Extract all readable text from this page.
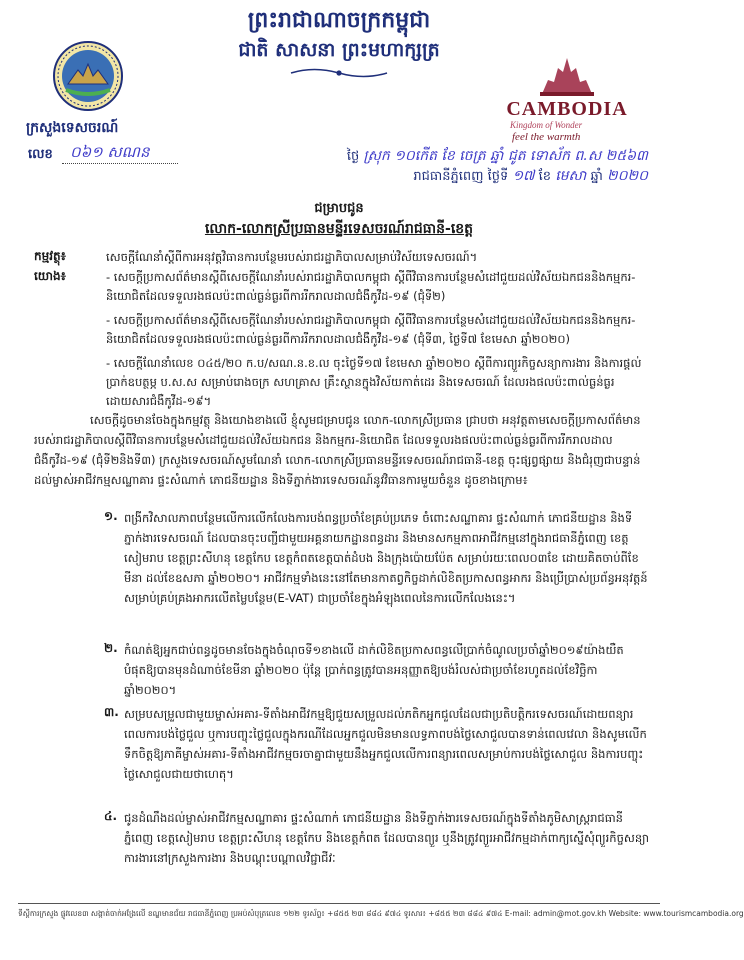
ព្រះរាជាណាចក្រកម្ពុជា
ជាតិ សាសនា ព្រះមហាក្សត្រ
CAMBODIA
Kingdom of Wonder
feel the warmth
ក្រសួងទេសចរណ៍
លេខ ០៦១ សណន	ថ្ងៃ ស្រុក ១០កើត ខែ ចេត្រ ឆ្នាំ ជូត ទោស័ក ព.ស ២៥៦៣
រាជធានីភ្នំពេញ ថ្ងៃទី ១៧ ខែ មេសា ឆ្នាំ ២០២០
ជម្រាបជូន
លោក-លោកស្រីប្រធានមន្ទីរទេសចរណ៍រាជធានី-ខេត្ត
កម្មវត្ថុ៖	សេចក្តីណែនាំស្តីពីការអនុវត្តវិធានការបន្ថែមរបស់រាជរដ្ឋាភិបាលសម្រាប់វិស័យទេសចរណ៍។
យោង៖	- សេចក្តីប្រកាសព័ត៌មានស្តីពីសេចក្តីណែនាំរបស់រាជរដ្ឋាភិបាលកម្ពុជា ស្តីពីវិធានការបន្ថែមសំដៅជួយដល់វិស័យឯកជននិងកម្មករ-និយោជិតដែលទទួលរងផលប៉ះពាល់ធ្ងន់ធ្ងរពីការរីករាលដាលជំងឺកូវីដ-១៩ (ជុំទី២)
- សេចក្តីប្រកាសព័ត៌មានស្តីពីសេចក្តីណែនាំរបស់រាជរដ្ឋាភិបាលកម្ពុជា ស្តីពីវិធានការបន្ថែមសំដៅជួយដល់វិស័យឯកជននិងកម្មករ-និយោជិតដែលទទួលរងផលប៉ះពាល់ធ្ងន់ធ្ងរពីការរីករាលដាលជំងឺកូវីដ-១៩ (ជុំទី៣, ថ្ងៃទី៧ ខែមេសា ឆ្នាំ២០២០)
- សេចក្តីណែនាំលេខ ០៤៥/២០ ក.ប/សណ.ន.ខ.ល ចុះថ្ងៃទី១៧ ខែមេសា ឆ្នាំ២០២០ ស្តីពីការព្យួរកិច្ចសន្យាការងារ និងការផ្តល់ប្រាក់ឧបត្ថម្ភ ប.ស.ស សម្រាប់រោងចក្រ សហគ្រាស គ្រឹះស្ថានក្នុងវិស័យកាត់ដេរ និងទេសចរណ៍ ដែលរងផលប៉ះពាល់ធ្ងន់ធ្ងរដោយសារជំងឺកូវីដ-១៩។
សេចក្តីដូចមានចែងក្នុងកម្មវត្ថុ និងយោងខាងលើ ខ្ញុំសូមជម្រាបជូន លោក-លោកស្រីប្រធាន ជ្រាបថា អនុវត្តតាមសេចក្តីប្រកាសព័ត៌មានរបស់រាជរដ្ឋាភិបាលស្តីពីវិធានការបន្ថែមសំដៅជួយដល់វិស័យឯកជន និងកម្មករ-និយោជិត ដែលទទួលរងផលប៉ះពាល់ធ្ងន់ធ្ងរពីការរីករាលដាលជំងឺកូវីដ-១៩ (ជុំទី២និងទី៣) ក្រសួងទេសចរណ៍សូមណែនាំ លោក-លោកស្រីប្រធានមន្ទីរទេសចរណ៍រាជធានី-ខេត្ត ចុះផ្សព្វផ្សាយ និងជំរុញជាបន្ទាន់ដល់ម្ចាស់អាជីវកម្មសណ្ឋាគារ ផ្ទះសំណាក់ ភោជនីយដ្ឋាន និងទីភ្នាក់ងារទេសចរណ៍នូវវិធានការមួយចំនួន ដូចខាងក្រោម៖
១. ពង្រីកវិសាលភាពបន្ថែមលើការលើកលែងការបង់ពន្ធប្រចាំខែគ្រប់ប្រភេទ ចំពោះសណ្ឋាគារ ផ្ទះសំណាក់ ភោជនីយដ្ឋាន និងទីភ្នាក់ងារទេសចរណ៍ ដែលបានចុះបញ្ជីជាមួយអគ្គនាយកដ្ឋានពន្ធដារ និងមានសកម្មភាពអាជីវកម្មនៅក្នុងរាជធានីភ្នំពេញ ខេត្តសៀមរាប ខេត្តព្រះសីហនុ ខេត្តកែប ខេត្តកំពតខេត្តបាត់ដំបង និងក្រុងប៉ោយប៉ែត សម្រាប់រយៈពេល០៣ខែ ដោយគិតចាប់ពីខែមីនា ដល់ខែឧសភា ឆ្នាំ២០២០។ អាជីវកម្មទាំងនេះនៅតែមានកាតព្វកិច្ចដាក់លិខិតប្រកាសពន្ធអាករ និងប្រើប្រាស់ប្រព័ន្ធអនុវត្តន៍សម្រាប់គ្រប់គ្រងអាករលើតម្លៃបន្ថែម(E-VAT) ជាប្រចាំខែក្នុងអំឡុងពេលនៃការលើកលែងនេះ។
២. កំណត់ឱ្យអ្នកជាប់ពន្ធដូចមានចែងក្នុងចំណុចទី១ខាងលើ ដាក់លិខិតប្រកាសពន្ធលើប្រាក់ចំណូលប្រចាំឆ្នាំ២០១៩យ៉ាងយឺតបំផុតឱ្យបានមុនដំណាច់ខែមីនា ឆ្នាំ២០២០ ប៉ុន្តែ ប្រាក់ពន្ធត្រូវបានអនុញ្ញាតឱ្យបង់រំលស់ជាប្រចាំខែរហូតដល់ខែវិច្ឆិកា ឆ្នាំ២០២០។
៣. សម្របសម្រួលជាមួយម្ចាស់អគារ-ទីតាំងអាជីវកម្មឱ្យជួយសម្រួលដល់ភតិកអ្នកជួលដែលជាប្រតិបត្តិករទេសចរណ៍ដោយពន្យារពេលការបង់ថ្លៃជួល ឬការបញ្ចុះថ្លៃជួលក្នុងករណីដែលអ្នកជួលមិនមានលទ្ធភាពបង់ថ្លៃសោជួលបានទាន់ពេលវេលា និងសូមលើកទឹកចិត្តឱ្យភាគីម្ចាស់អគារ-ទីតាំងអាជីវកម្មចរចាគ្នាជាមួយនឹងអ្នកជួលលើការពន្យារពេលសម្រាប់ការបង់ថ្លៃសោជួល និងការបញ្ចុះថ្លៃសោជួលជាយថាហេតុ។
៤. ជូនដំណឹងដល់ម្ចាស់អាជីវកម្មសណ្ឋាគារ ផ្ទះសំណាក់ ភោជនីយដ្ឋាន និងទីភ្នាក់ងារទេសចរណ៍ក្នុងទីតាំងភូមិសាស្ត្ររាជធានីភ្នំពេញ ខេត្តសៀមរាប ខេត្តព្រះសីហនុ ខេត្តកែប និងខេត្តកំពត ដែលបានព្យួរ ឬនឹងត្រូវព្យួរអាជីវកម្មដាក់ពាក្យស្នើសុំព្យួរកិច្ចសន្យាការងារនៅក្រសួងការងារ និងបណ្តុះបណ្តាលវិជ្ជាជីវៈ
ទីស្តីការក្រសួង ផ្លូវលេខ៣ សង្កាត់ចាក់អង្រែលើ ខណ្ឌមានជ័យ រាជធានីភ្នំពេញ ប្រអប់សំបុត្រលេខ ១២២ ទូរស័ព្ទ៖ +៨៥៥ ២៣ ៨៨៤ ៩៧៤ ទូរសារ៖ +៨៥៥ ២៣ ៨៨៤ ៩៧៤ E-mail: admin@mot.gov.kh Website: www.tourismcambodia.org
